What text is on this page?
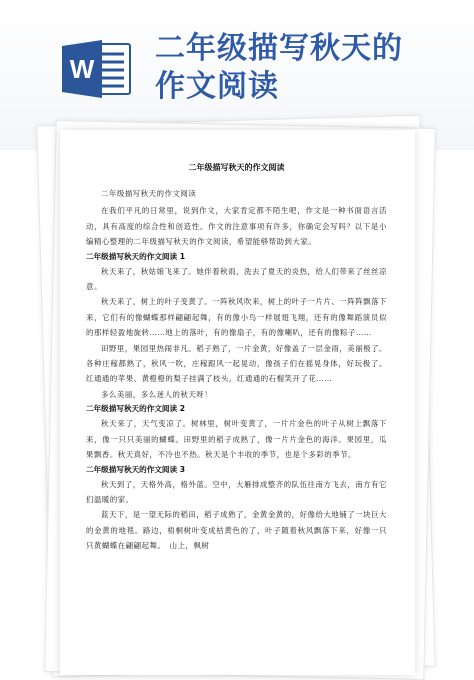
W
二年级描写秋天的
作文阅读
二年级描写秋天的作文阅读

二年级描写秋天的作文阅读

在我们平凡的日常里，说到作文，大家肯定都不陌生吧，作文是一种书面语言活动，具有高度的综合性和创造性。作文的注意事项有许多，你确定会写吗？以下是小编精心整理的二年级描写秋天的作文阅读，希望能够帮助到大家。

二年级描写秋天的作文阅读 1

秋天来了，秋姑娘飞来了。她伴着秋雨，洗去了夏天的炎热，给人们带来了丝丝凉意。

秋天来了，树上的叶子变黄了。一阵秋风吹来，树上的叶子一片片、一阵阵飘落下来，它们有的像蝴蝶那样翩翩起舞，有的像小鸟一样展翅飞翔，还有的像舞蹈演员似的那样轻盈地旋转……地上的落叶，有的像扇子，有的像喇叭，还有的像粽子……

田野里，果园里热闹非凡。稻子熟了，一片金黄，好像盖了一层金雨，美丽极了。各种庄稼都熟了，秋风一吹，庄稼跟风一起晃动，像孩子们在摇晃身体，好玩极了。红通通的苹果、黄橙橙的梨子挂满了枝头，红通通的石榴笑开了花……

多么美丽，多么迷人的秋天呀！

二年级描写秋天的作文阅读 2

秋天来了，天气变凉了。树林里，树叶变黄了，一片片金色的叶子从树上飘落下来，像一只只美丽的蝴蝶。田野里的稻子成熟了，像一片片金色的海洋。果园里，瓜果飘香。秋天真好，不冷也不热。秋天是个丰收的季节，也是个多彩的季节。

二年级描写秋天的作文阅读 3

秋天到了，天格外高，格外蓝。空中，大雁排成整齐的队伍往南方飞去，南方有它们温暖的家。

蓝天下，是一望无际的稻田，稻子成熟了，金黄金黄的，好像给大地铺了一块巨大的金黄的地毯。路边，梧桐树叶变成枯黄色的了，叶子随着秋风飘落下来，好像一只只黄蝴蝶在翩翩起舞。　山上，枫树
